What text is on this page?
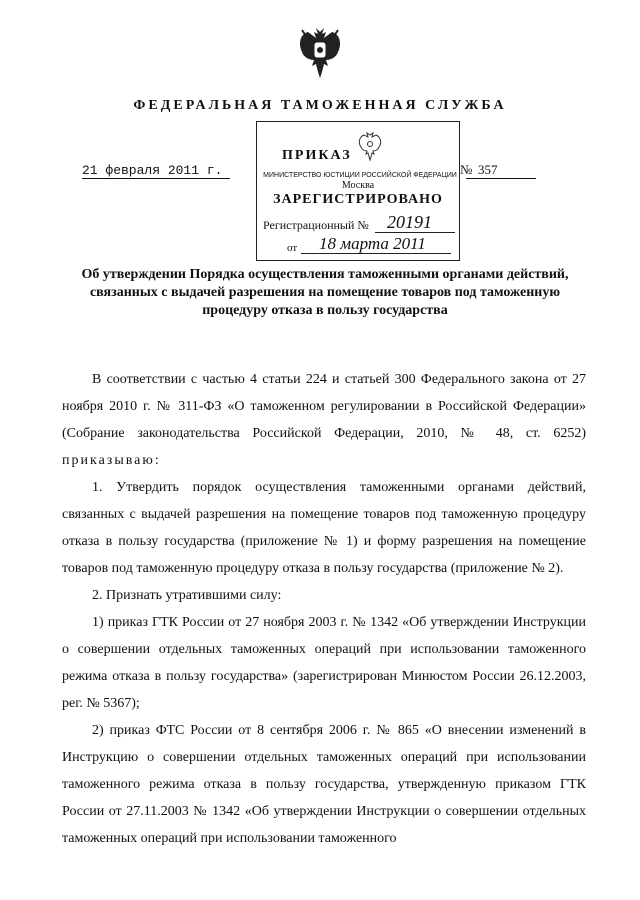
ФЕДЕРАЛЬНАЯ ТАМОЖЕННАЯ СЛУЖБА
21 февраля 2011 г.
ПРИКАЗ
№ 357
МИНИСТЕРСТВО ЮСТИЦИИ РОССИЙСКОЙ ФЕДЕРАЦИИ
Москва
ЗАРЕГИСТРИРОВАНО
Регистрационный № 20191
от 18 марта 2011
Об утверждении Порядка осуществления таможенными органами действий, связанных с выдачей разрешения на помещение товаров под таможенную процедуру отказа в пользу государства

В соответствии с частью 4 статьи 224 и статьей 300 Федерального закона от 27 ноября 2010 г. № 311-ФЗ «О таможенном регулировании в Российской Федерации» (Собрание законодательства Российской Федерации, 2010, № 48, ст. 6252) приказываю:

1. Утвердить порядок осуществления таможенными органами действий, связанных с выдачей разрешения на помещение товаров под таможенную процедуру отказа в пользу государства (приложение № 1) и форму разрешения на помещение товаров под таможенную процедуру отказа в пользу государства (приложение № 2).

2. Признать утратившими силу:

1) приказ ГТК России от 27 ноября 2003 г. № 1342 «Об утверждении Инструкции о совершении отдельных таможенных операций при использовании таможенного режима отказа в пользу государства» (зарегистрирован Минюстом России 26.12.2003, рег. № 5367);

2) приказ ФТС России от 8 сентября 2006 г. № 865 «О внесении изменений в Инструкцию о совершении отдельных таможенных операций при использовании таможенного режима отказа в пользу государства, утвержденную приказом ГТК России от 27.11.2003 № 1342 «Об утверждении Инструкции о совершении отдельных таможенных операций при использовании таможенного
